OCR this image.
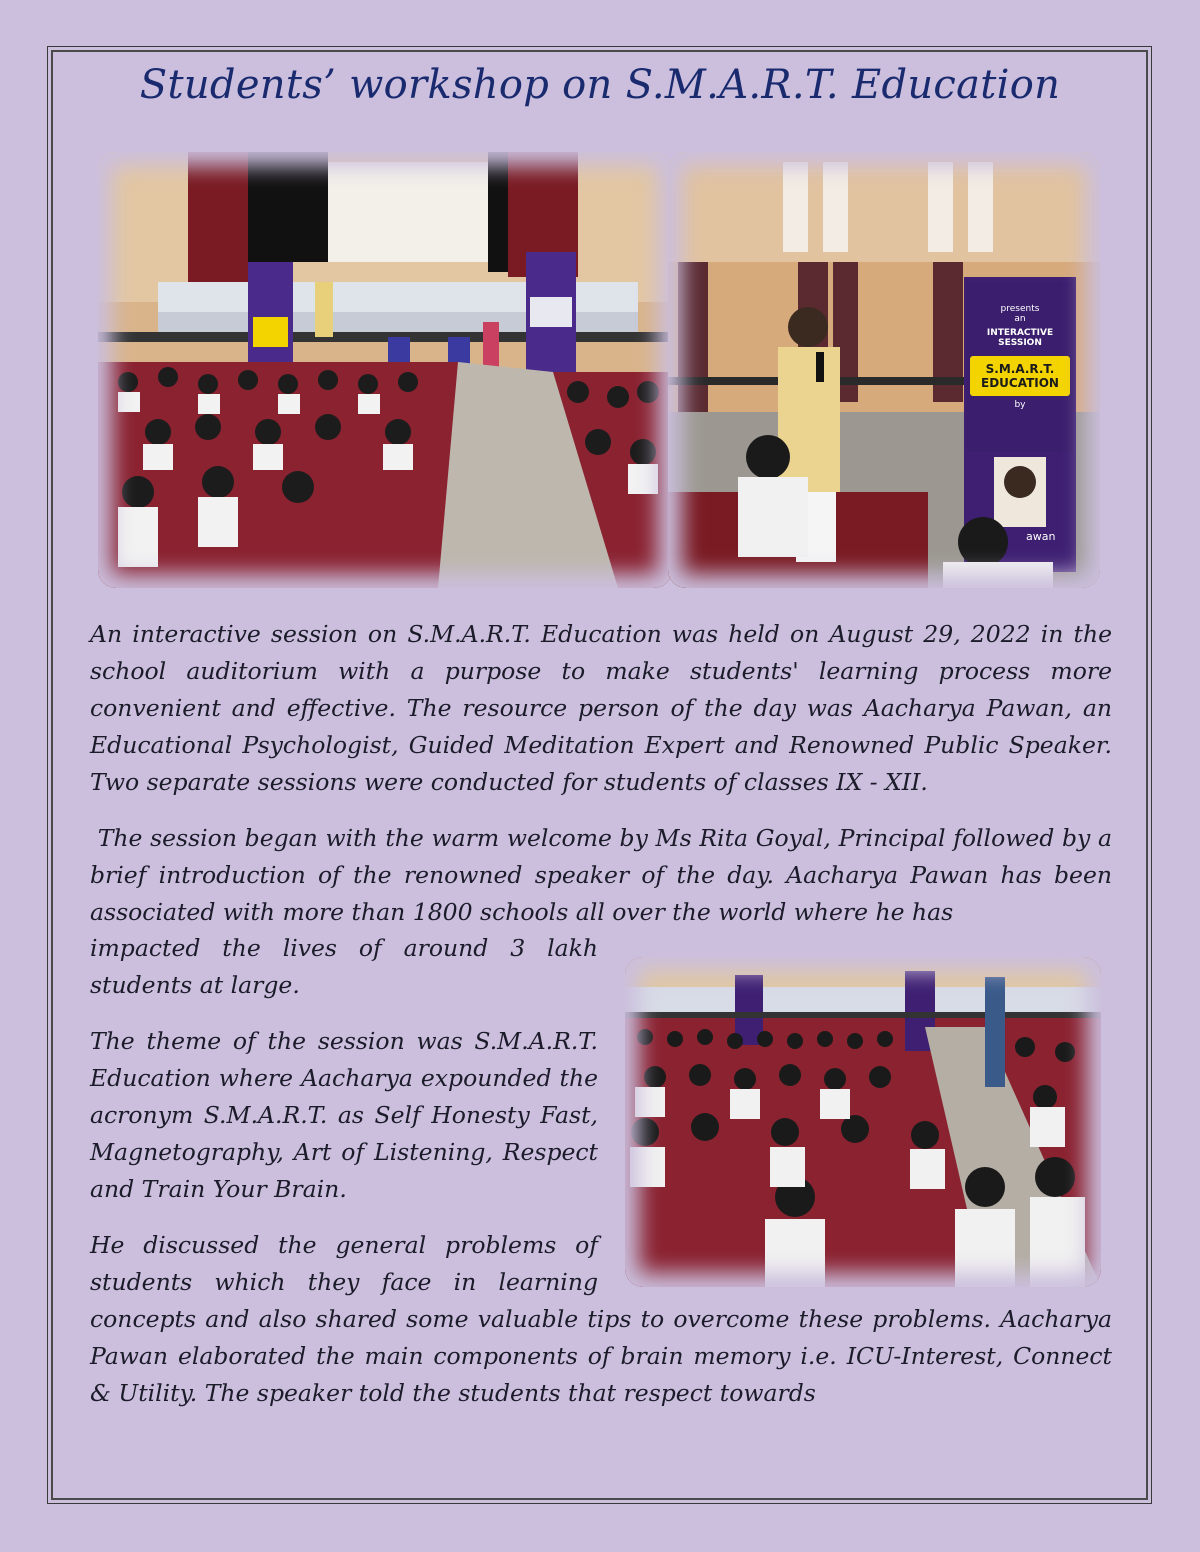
Students’ workshop on S.M.A.R.T. Education
presents
an
INTERACTIVE SESSION
S.M.A.R.T. EDUCATION
by
awan

An interactive session on S.M.A.R.T. Education was held on August 29, 2022 in the school auditorium with a purpose to make students' learning process more convenient and effective. The resource person of the day was Aacharya Pawan, an Educational Psychologist, Guided Meditation Expert and Renowned Public Speaker. Two separate sessions were conducted for students of classes IX - XII.

The session began with the warm welcome by Ms Rita Goyal, Principal followed by a brief introduction of the renowned speaker of the day. Aacharya Pawan has been associated with more than 1800 schools all over the world where he has

impacted the lives of around 3 lakh students at large.

The theme of the session was S.M.A.R.T. Education where Aacharya expounded the acronym S.M.A.R.T. as Self Honesty Fast, Magnetography, Art of Listening, Respect and Train Your Brain.

He discussed the general problems of students which they face in learning

concepts and also shared some valuable tips to overcome these problems. Aacharya Pawan elaborated the main components of brain memory i.e. ICU-Interest, Connect & Utility. The speaker told the students that respect towards
